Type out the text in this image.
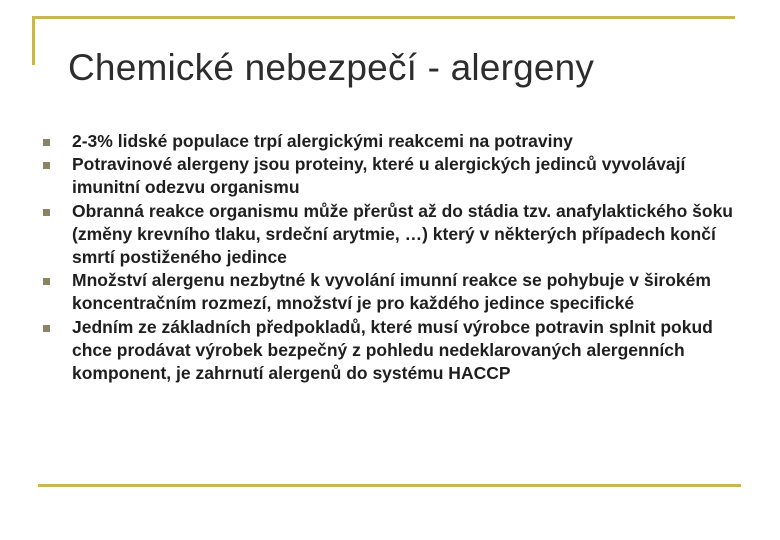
Chemické nebezpečí - alergeny
2-3% lidské populace trpí alergickými reakcemi na potraviny
Potravinové alergeny jsou proteiny, které u alergických jedinců vyvolávají imunitní odezvu organismu
Obranná reakce organismu může přerůst až do stádia tzv. anafylaktického šoku (změny krevního tlaku, srdeční arytmie, …) který v některých případech končí smrtí postiženého jedince
Množství alergenu nezbytné k vyvolání imunní reakce se pohybuje v širokém koncentračním rozmezí, množství je pro každého jedince specifické
Jedním ze základních předpokladů, které musí výrobce potravin splnit pokud chce prodávat výrobek bezpečný z pohledu nedeklarovaných alergenních komponent, je zahrnutí alergenů do systému HACCP
